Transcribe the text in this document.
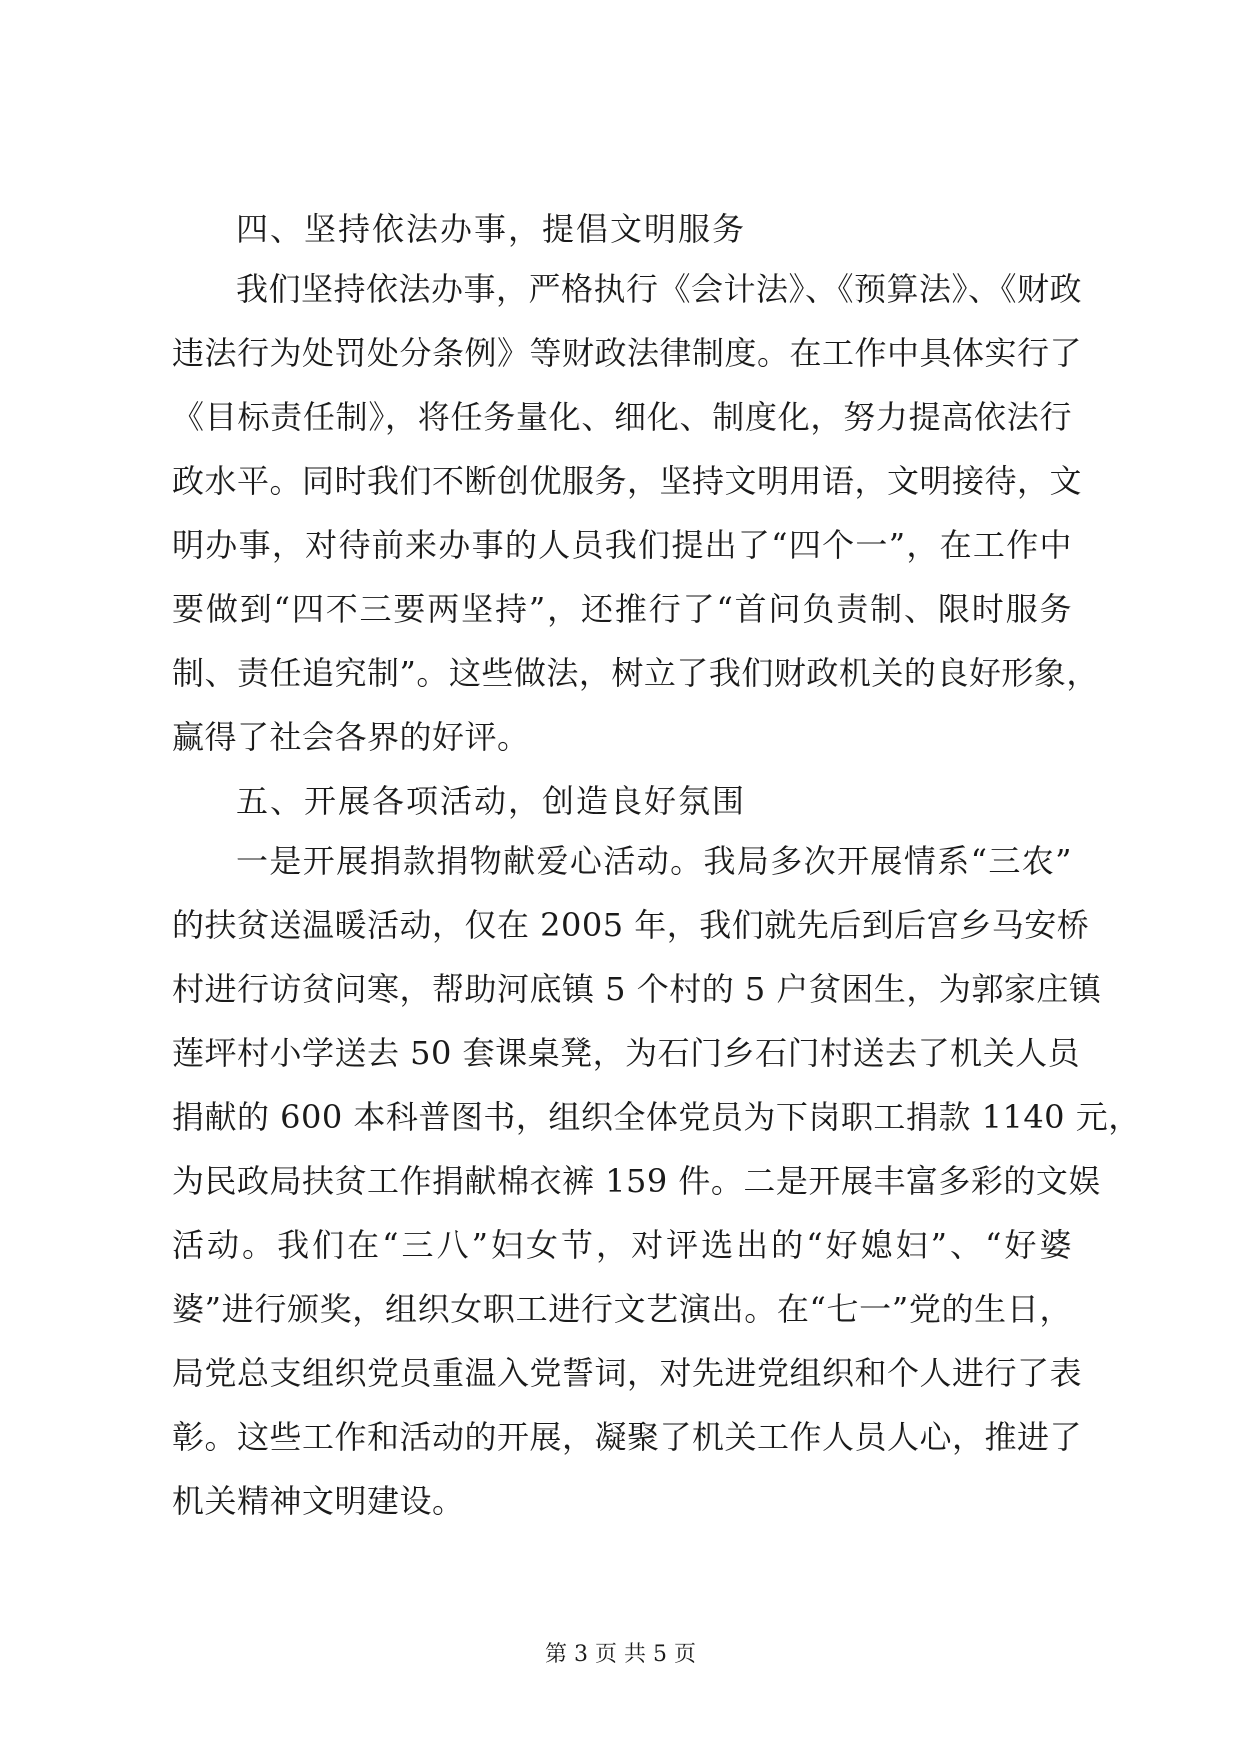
四、坚持依法办事，提倡文明服务
我们坚持依法办事，严格执行《会计法》、《预算法》、《财政
违法行为处罚处分条例》等财政法律制度。在工作中具体实行了
《目标责任制》，将任务量化、细化、制度化，努力提高依法行
政水平。同时我们不断创优服务，坚持文明用语，文明接待，文
明办事，对待前来办事的人员我们提出了“四个一”，在工作中
要做到“四不三要两坚持”，还推行了“首问负责制、限时服务
制、责任追究制”。这些做法，树立了我们财政机关的良好形象，
赢得了社会各界的好评。
五、开展各项活动，创造良好氛围
一是开展捐款捐物献爱心活动。我局多次开展情系“三农”
的扶贫送温暖活动，仅在 2005 年，我们就先后到后宫乡马安桥
村进行访贫问寒，帮助河底镇 5 个村的 5 户贫困生，为郭家庄镇
莲坪村小学送去 50 套课桌凳，为石门乡石门村送去了机关人员
捐献的 600 本科普图书，组织全体党员为下岗职工捐款 1140 元，
为民政局扶贫工作捐献棉衣裤 159 件。二是开展丰富多彩的文娱
活动。我们在“三八”妇女节，对评选出的“好媳妇”、“好婆
婆”进行颁奖，组织女职工进行文艺演出。在“七一”党的生日，
局党总支组织党员重温入党誓词，对先进党组织和个人进行了表
彰。这些工作和活动的开展，凝聚了机关工作人员人心，推进了
机关精神文明建设。
第 3 页 共 5 页
